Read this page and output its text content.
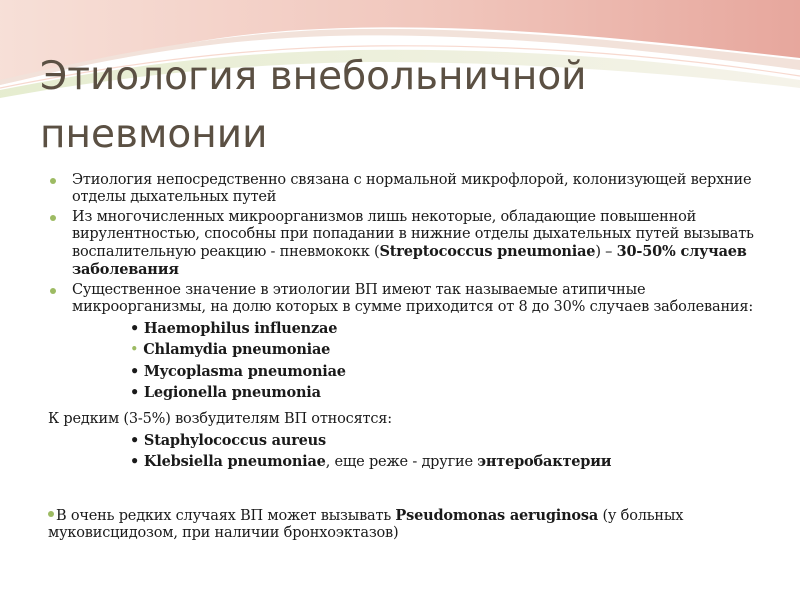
Этиология внебольничной пневмонии
Этиология непосредственно связана с нормальной микрофлорой, колонизующей верхние отделы дыхательных путей
Из многочисленных микроорганизмов лишь некоторые, обладающие повышенной вирулентностью, способны при попадании в нижние отделы дыхательных путей вызывать воспалительную реакцию - пневмококк (Streptococcus pneumoniae) – 30-50% случаев заболевания
Существенное значение в этиологии ВП имеют так называемые атипичные микроорганизмы, на долю которых в сумме приходится от 8 до 30% случаев заболевания:
• Haemophilus influenzae
• Chlamydia pneumoniae
• Mycoplasma pneumoniae
• Legionella pneumonia
К редким (3-5%) возбудителям ВП относятся:
• Staphylococcus aureus
• Klebsiella pneumoniae, еще реже - другие энтеробактерии
В очень редких случаях ВП может вызывать Pseudomonas aeruginosa (у больных муковисцидозом, при наличии бронхоэктазов)
